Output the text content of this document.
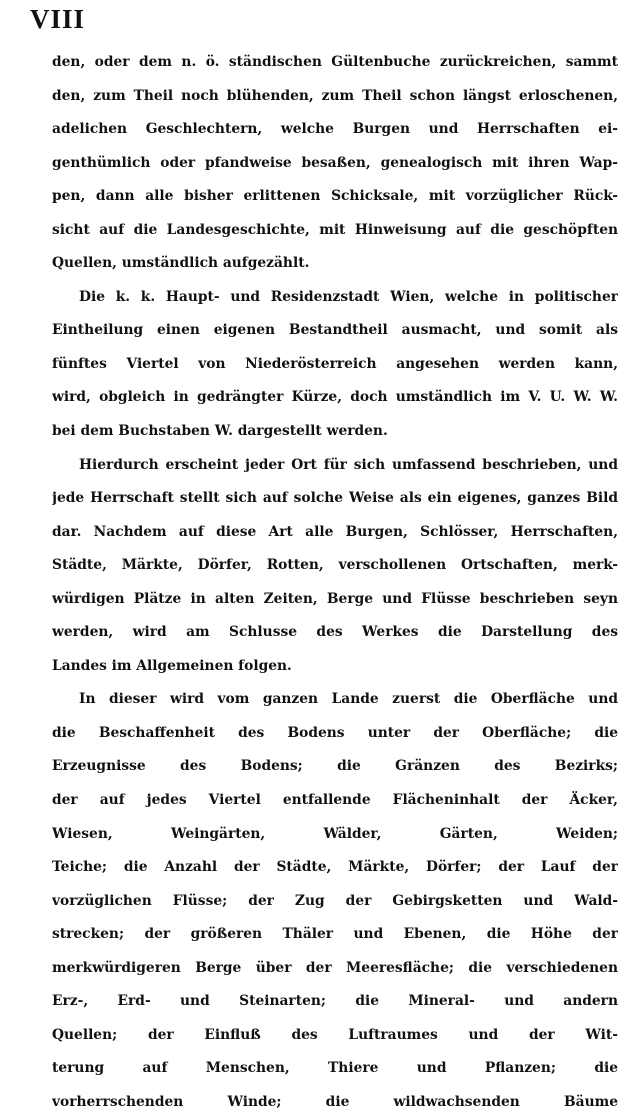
VIII
den, oder dem n. ö. ständischen Gültenbuche zurückreichen, sammt
den, zum Theil noch blühenden, zum Theil schon längst erloschenen,
adelichen Geschlechtern, welche Burgen und Herrschaften ei-
genthümlich oder pfandweise besaßen, genealogisch mit ihren Wap-
pen, dann alle bisher erlittenen Schicksale, mit vorzüglicher Rück-
sicht auf die Landesgeschichte, mit Hinweisung auf die geschöpften
Quellen, umständlich aufgezählt.
Die k. k. Haupt- und Residenzstadt Wien, welche in politischer
Eintheilung einen eigenen Bestandtheil ausmacht, und somit als
fünftes Viertel von Niederösterreich angesehen werden kann,
wird, obgleich in gedrängter Kürze, doch umständlich im V. U. W. W.
bei dem Buchstaben W. dargestellt werden.
Hierdurch erscheint jeder Ort für sich umfassend beschrieben, und
jede Herrschaft stellt sich auf solche Weise als ein eigenes, ganzes Bild
dar. Nachdem auf diese Art alle Burgen, Schlösser, Herrschaften,
Städte, Märkte, Dörfer, Rotten, verschollenen Ortschaften, merk-
würdigen Plätze in alten Zeiten, Berge und Flüsse beschrieben seyn
werden, wird am Schlusse des Werkes die Darstellung des
Landes im Allgemeinen folgen.
In dieser wird vom ganzen Lande zuerst die Oberfläche und
die Beschaffenheit des Bodens unter der Oberfläche; die
Erzeugnisse des Bodens; die Gränzen des Bezirks;
der auf jedes Viertel entfallende Flächeninhalt der Äcker,
Wiesen, Weingärten, Wälder, Gärten, Weiden;
Teiche; die Anzahl der Städte, Märkte, Dörfer; der Lauf der
vorzüglichen Flüsse; der Zug der Gebirgsketten und Wald-
strecken; der größeren Thäler und Ebenen, die Höhe der
merkwürdigeren Berge über der Meeresfläche; die verschiedenen
Erz-, Erd- und Steinarten; die Mineral- und andern
Quellen; der Einfluß des Luftraumes und der Wit-
terung auf Menschen, Thiere und Pflanzen; die
vorherrschenden Winde; die wildwachsenden Bäume
